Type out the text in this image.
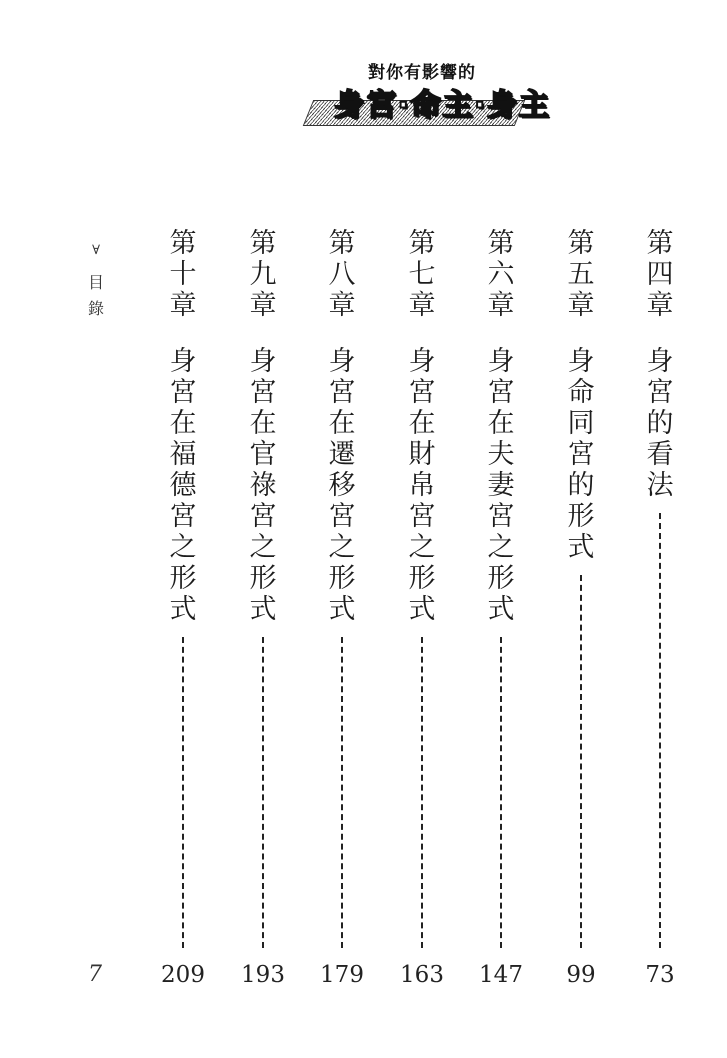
對你有影響的
身宮‧命主‧身主
∀
目
錄
第
四
章
身
宮
的
看
法
73
第
五
章
身
命
同
宮
的
形
式
99
第
六
章
身
宮
在
夫
妻
宮
之
形
式
147
第
七
章
身
宮
在
財
帛
宮
之
形
式
163
第
八
章
身
宮
在
遷
移
宮
之
形
式
179
第
九
章
身
宮
在
官
祿
宮
之
形
式
193
第
十
章
身
宮
在
福
德
宮
之
形
式
209
7
